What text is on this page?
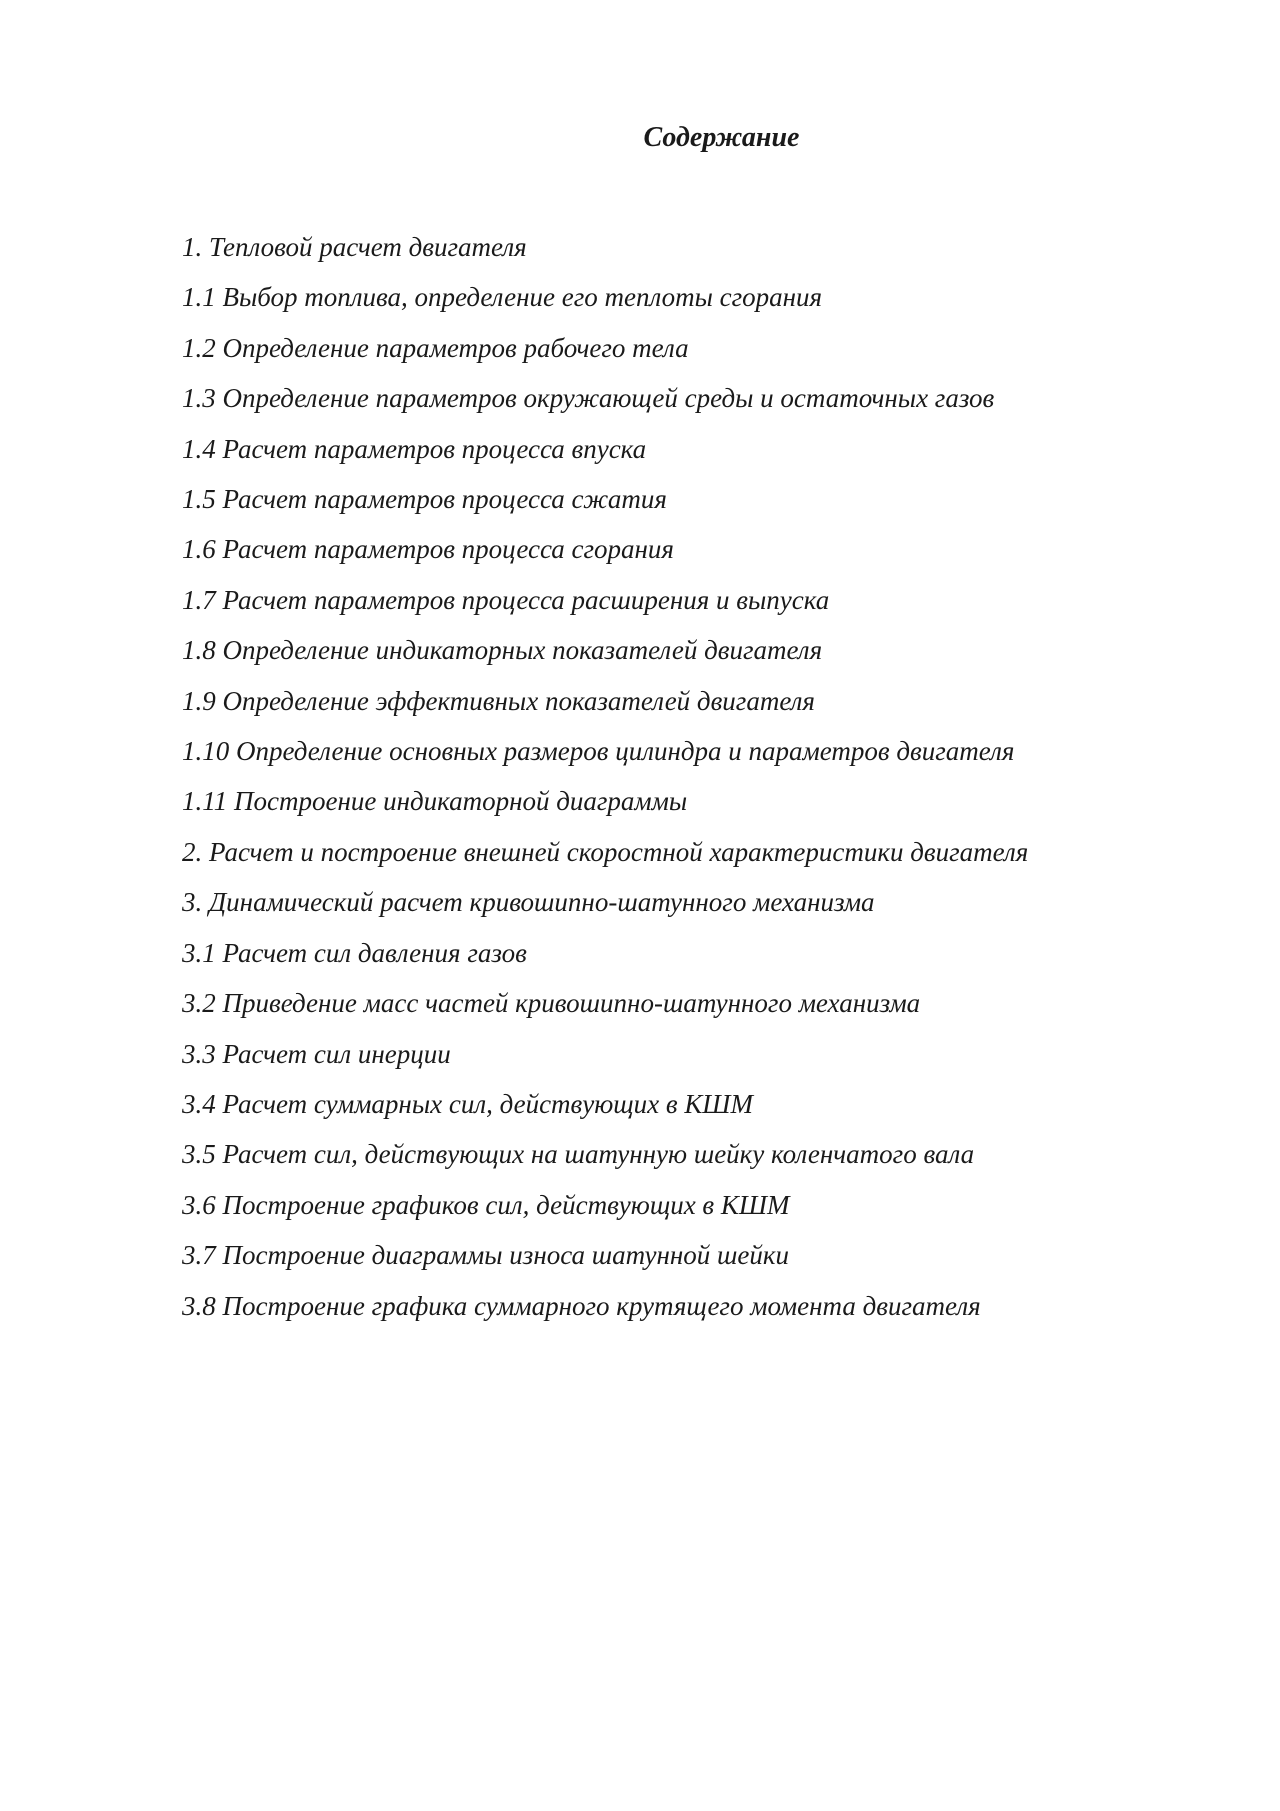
Содержание
1. Тепловой расчет двигателя
1.1 Выбор топлива, определение его теплоты сгорания
1.2 Определение параметров рабочего тела
1.3 Определение параметров окружающей среды и остаточных газов
1.4 Расчет параметров процесса впуска
1.5 Расчет параметров процесса сжатия
1.6 Расчет параметров процесса сгорания
1.7 Расчет параметров процесса расширения и выпуска
1.8 Определение индикаторных показателей двигателя
1.9 Определение эффективных показателей двигателя
1.10 Определение основных размеров цилиндра и параметров двигателя
1.11 Построение индикаторной диаграммы
2. Расчет и построение внешней скоростной характеристики двигателя
3. Динамический расчет кривошипно-шатунного механизма
3.1 Расчет сил давления газов
3.2 Приведение масс частей кривошипно-шатунного механизма
3.3 Расчет сил инерции
3.4 Расчет суммарных сил, действующих в КШМ
3.5 Расчет сил, действующих на шатунную шейку коленчатого вала
3.6 Построение графиков сил, действующих в КШМ
3.7 Построение диаграммы износа шатунной шейки
3.8 Построение графика суммарного крутящего момента двигателя
